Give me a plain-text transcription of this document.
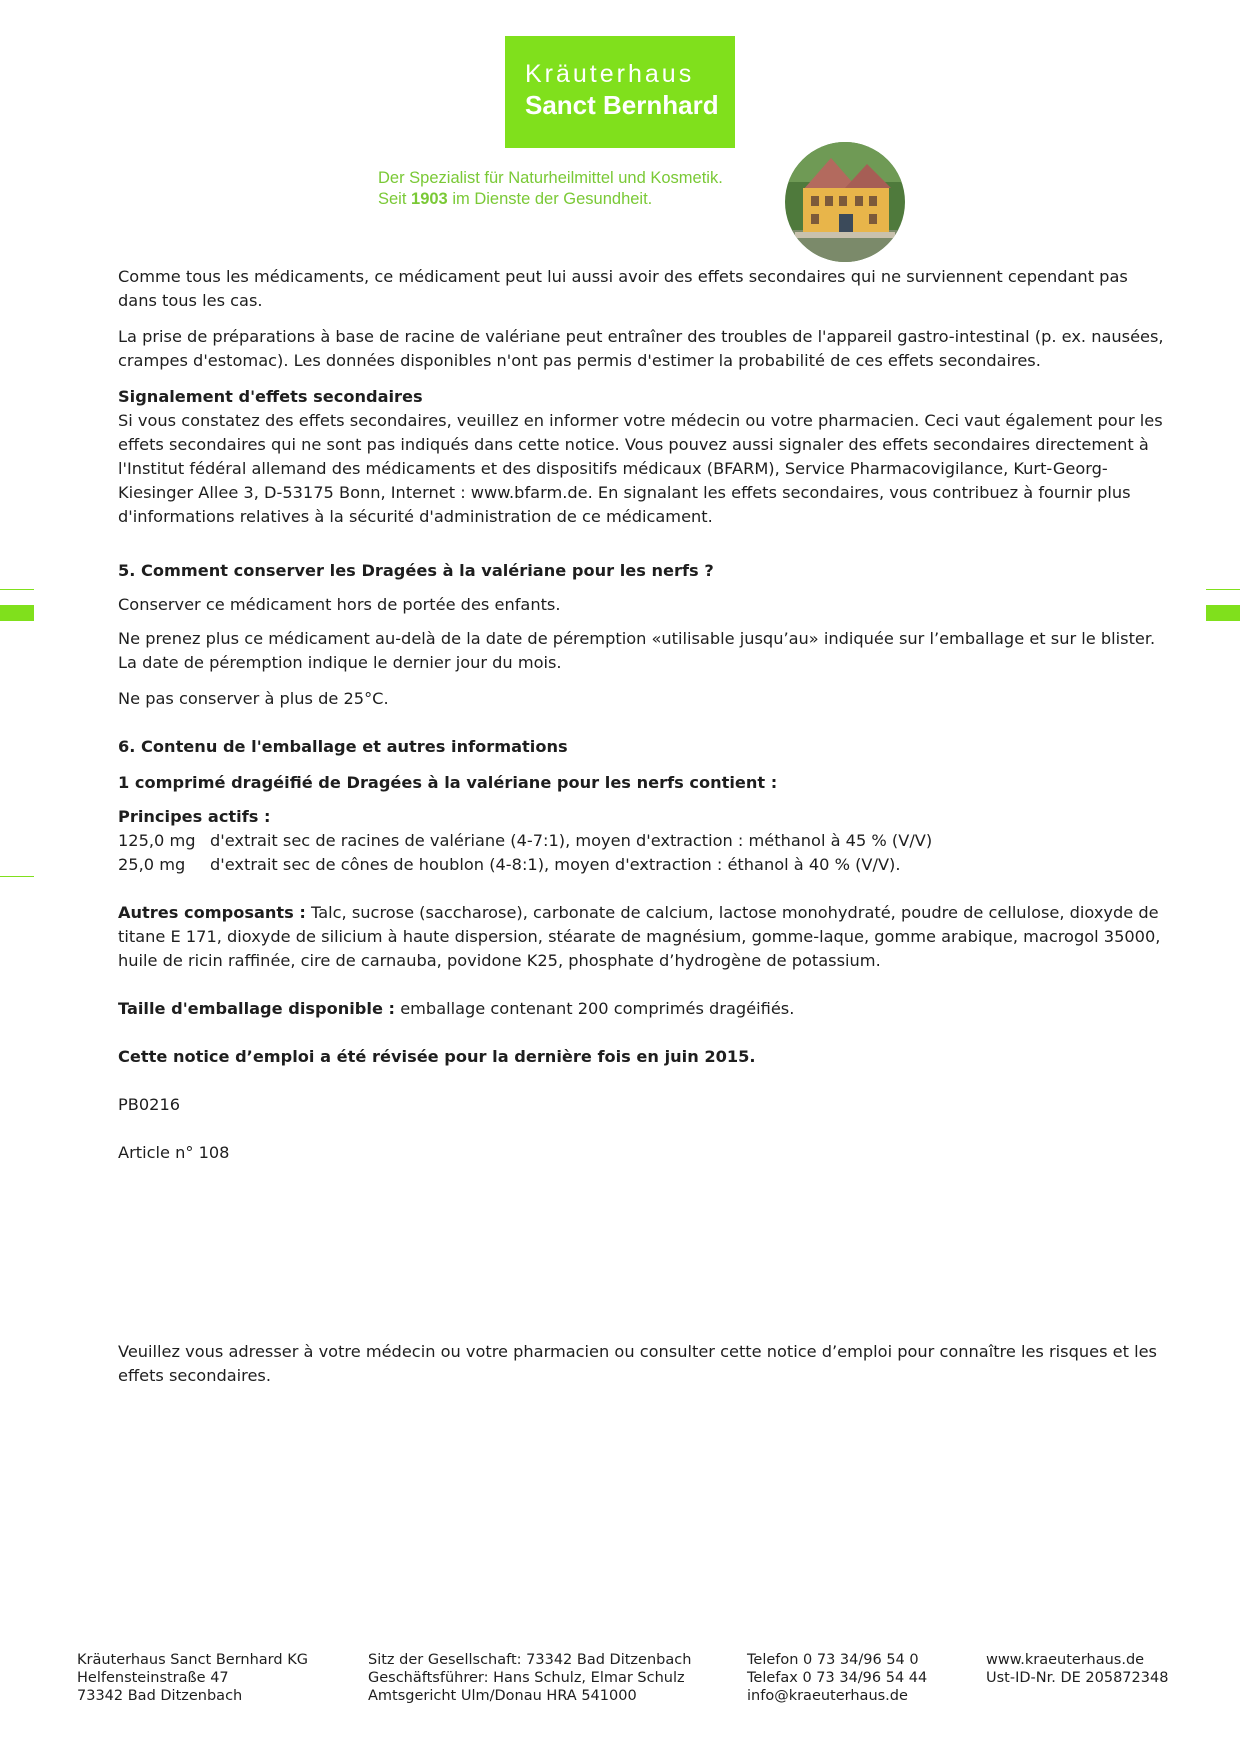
Kräuterhaus
Sanct Bernhard
Der Spezialist für Naturheilmittel und Kosmetik.
Seit 1903 im Dienste der Gesundheit.

Comme tous les médicaments, ce médicament peut lui aussi avoir des effets secondaires qui ne surviennent cependant pas dans tous les cas.

La prise de préparations à base de racine de valériane peut entraîner des troubles de l'appareil gastro-intestinal (p. ex. nausées, crampes d'estomac). Les données disponibles n'ont pas permis d'estimer la probabilité de ces effets secondaires.

Signalement d'effets secondaires

Si vous constatez des effets secondaires, veuillez en informer votre médecin ou votre pharmacien. Ceci vaut également pour les effets secondaires qui ne sont pas indiqués dans cette notice. Vous pouvez aussi signaler des effets secondaires directement à l'Institut fédéral allemand des médicaments et des dispositifs médicaux (BFARM), Service Pharmacovigilance, Kurt-Georg-Kiesinger Allee 3, D-53175 Bonn, Internet : www.bfarm.de. En signalant les effets secondaires, vous contribuez à fournir plus d'informations relatives à la sécurité d'administration de ce médicament.

5. Comment conserver les Dragées à la valériane pour les nerfs ?

Conserver ce médicament hors de portée des enfants.

Ne prenez plus ce médicament au-delà de la date de péremption «utilisable jusqu’au» indiquée sur l’emballage et sur le blister. La date de péremption indique le dernier jour du mois.

Ne pas conserver à plus de 25°C.

6. Contenu de l'emballage et autres informations

1 comprimé dragéifié de Dragées à la valériane pour les nerfs contient :

Principes actifs :

125,0 mg d'extrait sec de racines de valériane (4-7:1), moyen d'extraction : méthanol à 45 % (V/V)
25,0 mg	d'extrait sec de cônes de houblon (4-8:1), moyen d'extraction : éthanol à 40 % (V/V).

Autres composants : Talc, sucrose (saccharose), carbonate de calcium, lactose monohydraté, poudre de cellulose, dioxyde de titane E 171, dioxyde de silicium à haute dispersion, stéarate de magnésium, gomme-laque, gomme arabique, macrogol 35000, huile de ricin raffinée, cire de carnauba, povidone K25, phosphate d’hydrogène de potassium.

Taille d'emballage disponible : emballage contenant 200 comprimés dragéifiés.

Cette notice d’emploi a été révisée pour la dernière fois en juin 2015.

PB0216

Article n° 108

Veuillez vous adresser à votre médecin ou votre pharmacien ou consulter cette notice d’emploi pour connaître les risques et les effets secondaires.

Kräuterhaus Sanct Bernhard KG
Helfensteinstraße 47
73342 Bad Ditzenbach
Sitz der Gesellschaft: 73342 Bad Ditzenbach
Geschäftsführer: Hans Schulz, Elmar Schulz
Amtsgericht Ulm/Donau HRA 541000
Telefon 0 73 34/96 54 0
Telefax 0 73 34/96 54 44
info@kraeuterhaus.de
www.kraeuterhaus.de
Ust-ID-Nr. DE 205872348
